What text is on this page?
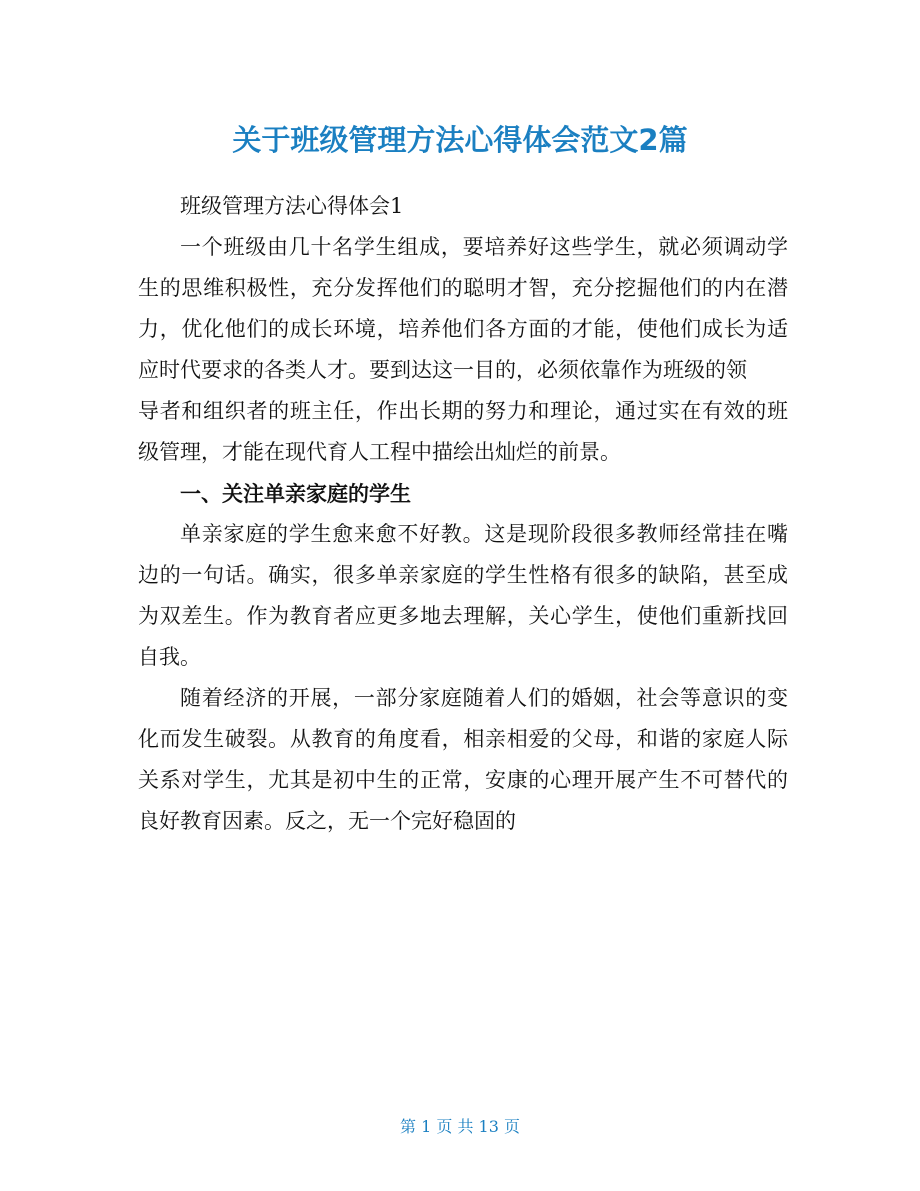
关于班级管理方法心得体会范文2篇

班级管理方法心得体会1

一个班级由几十名学生组成，要培养好这些学生，就必须调动学生的思维积极性，充分发挥他们的聪明才智，充分挖掘他们的内在潜力，优化他们的成长环境，培养他们各方面的才能，使他们成长为适应时代要求的各类人才。要到达这一目的，必须依靠作为班级的领

导者和组织者的班主任，作出长期的努力和理论，通过实在有效的班级管理，才能在现代育人工程中描绘出灿烂的前景。

一、关注单亲家庭的学生

单亲家庭的学生愈来愈不好教。这是现阶段很多教师经常挂在嘴边的一句话。确实，很多单亲家庭的学生性格有很多的缺陷，甚至成为双差生。作为教育者应更多地去理解，关心学生，使他们重新找回自我。

随着经济的开展，一部分家庭随着人们的婚姻，社会等意识的变化而发生破裂。从教育的角度看，相亲相爱的父母，和谐的家庭人际关系对学生，尤其是初中生的正常，安康的心理开展产生不可替代的良好教育因素。反之，无一个完好稳固的

第 1 页 共 13 页
